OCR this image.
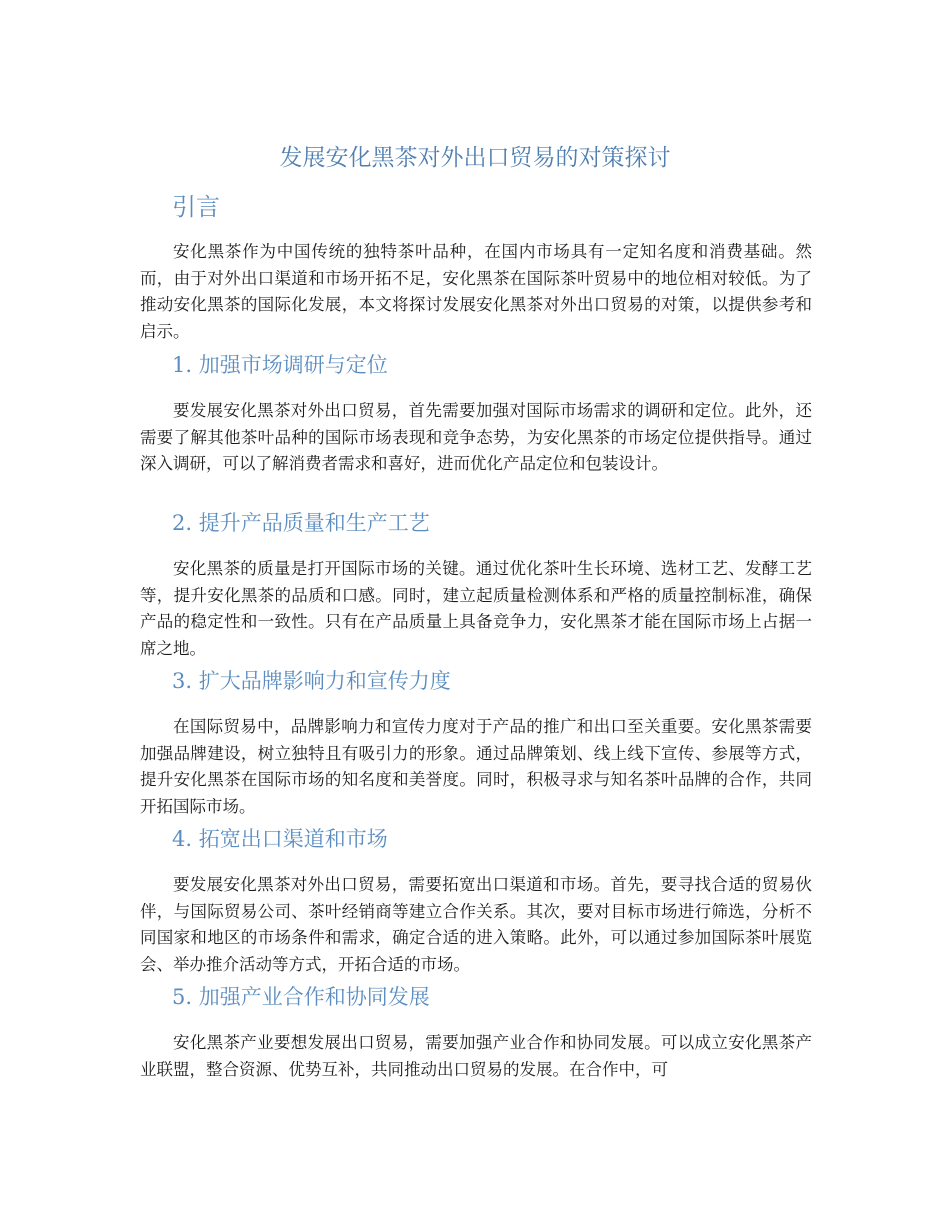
发展安化黑茶对外出口贸易的对策探讨
引言

安化黑茶作为中国传统的独特茶叶品种，在国内市场具有一定知名度和消费基础。然而，由于对外出口渠道和市场开拓不足，安化黑茶在国际茶叶贸易中的地位相对较低。为了推动安化黑茶的国际化发展，本文将探讨发展安化黑茶对外出口贸易的对策，以提供参考和启示。

1. 加强市场调研与定位

要发展安化黑茶对外出口贸易，首先需要加强对国际市场需求的调研和定位。此外，还需要了解其他茶叶品种的国际市场表现和竞争态势，为安化黑茶的市场定位提供指导。通过深入调研，可以了解消费者需求和喜好，进而优化产品定位和包装设计。

2. 提升产品质量和生产工艺

安化黑茶的质量是打开国际市场的关键。通过优化茶叶生长环境、选材工艺、发酵工艺等，提升安化黑茶的品质和口感。同时，建立起质量检测体系和严格的质量控制标准，确保产品的稳定性和一致性。只有在产品质量上具备竞争力，安化黑茶才能在国际市场上占据一席之地。

3. 扩大品牌影响力和宣传力度

在国际贸易中，品牌影响力和宣传力度对于产品的推广和出口至关重要。安化黑茶需要加强品牌建设，树立独特且有吸引力的形象。通过品牌策划、线上线下宣传、参展等方式，提升安化黑茶在国际市场的知名度和美誉度。同时，积极寻求与知名茶叶品牌的合作，共同开拓国际市场。

4. 拓宽出口渠道和市场

要发展安化黑茶对外出口贸易，需要拓宽出口渠道和市场。首先，要寻找合适的贸易伙伴，与国际贸易公司、茶叶经销商等建立合作关系。其次，要对目标市场进行筛选，分析不同国家和地区的市场条件和需求，确定合适的进入策略。此外，可以通过参加国际茶叶展览会、举办推介活动等方式，开拓合适的市场。

5. 加强产业合作和协同发展

安化黑茶产业要想发展出口贸易，需要加强产业合作和协同发展。可以成立安化黑茶产业联盟，整合资源、优势互补，共同推动出口贸易的发展。在合作中，可
